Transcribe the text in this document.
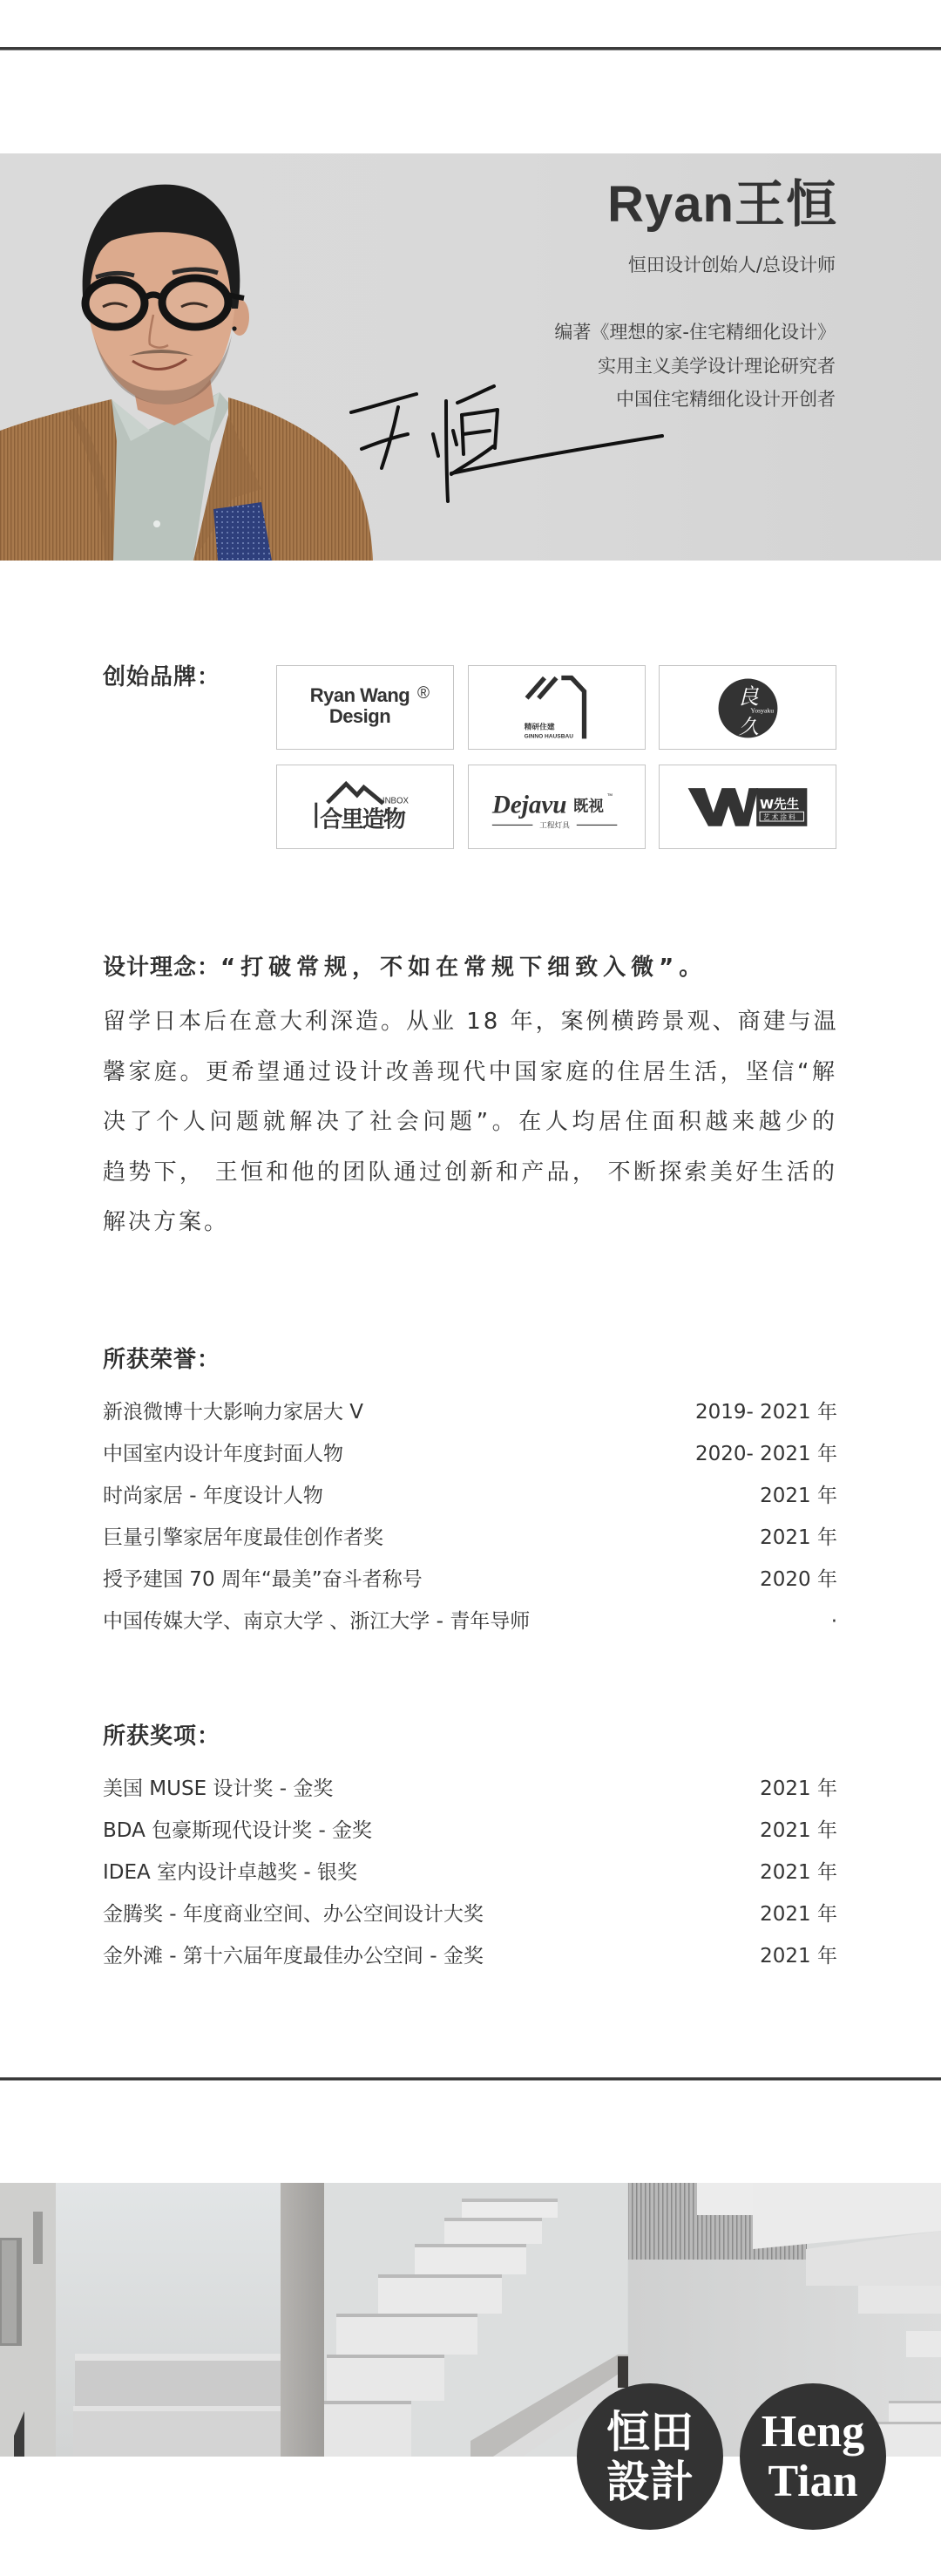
Ryan王恒
恒田设计创始人/总设计师
编著《理想的家-住宅精细化设计》
实用主义美学设计理论研究者
中国住宅精细化设计开创者
创始品牌：
Ryan Wang ®
Design
精研住建
GINNO HAUSBAU
良
久
Yosyaku
合里造物
INBOX	Dejavu 既视
™
工程灯具
W先生
艺术涂料
设计理念：“打破常规，不如在常规下细致入微”。
留学日本后在意大利深造。从业 18 年，案例横跨景观、商建与温
馨家庭。更希望通过设计改善现代中国家庭的住居生活，坚信“解
决了个人问题就解决了社会问题”。在人均居住面积越来越少的
趋势下， 王恒和他的团队通过创新和产品， 不断探索美好生活的
解决方案。
所获荣誉：
新浪微博十大影响力家居大 V	2019- 2021 年
中国室内设计年度封面人物	2020- 2021 年
时尚家居 - 年度设计人物	2021 年
巨量引擎家居年度最佳创作者奖	2021 年
授予建国 70 周年“最美”奋斗者称号	2020 年
中国传媒大学、南京大学 、浙江大学 - 青年导师	·
所获奖项：
美国 MUSE 设计奖 - 金奖	2021 年
BDA 包豪斯现代设计奖 - 金奖	2021 年
IDEA 室内设计卓越奖 - 银奖	2021 年
金腾奖 - 年度商业空间、办公空间设计大奖	2021 年
金外滩 - 第十六届年度最佳办公空间 - 金奖	2021 年
恒田
設計
Heng
Tian
